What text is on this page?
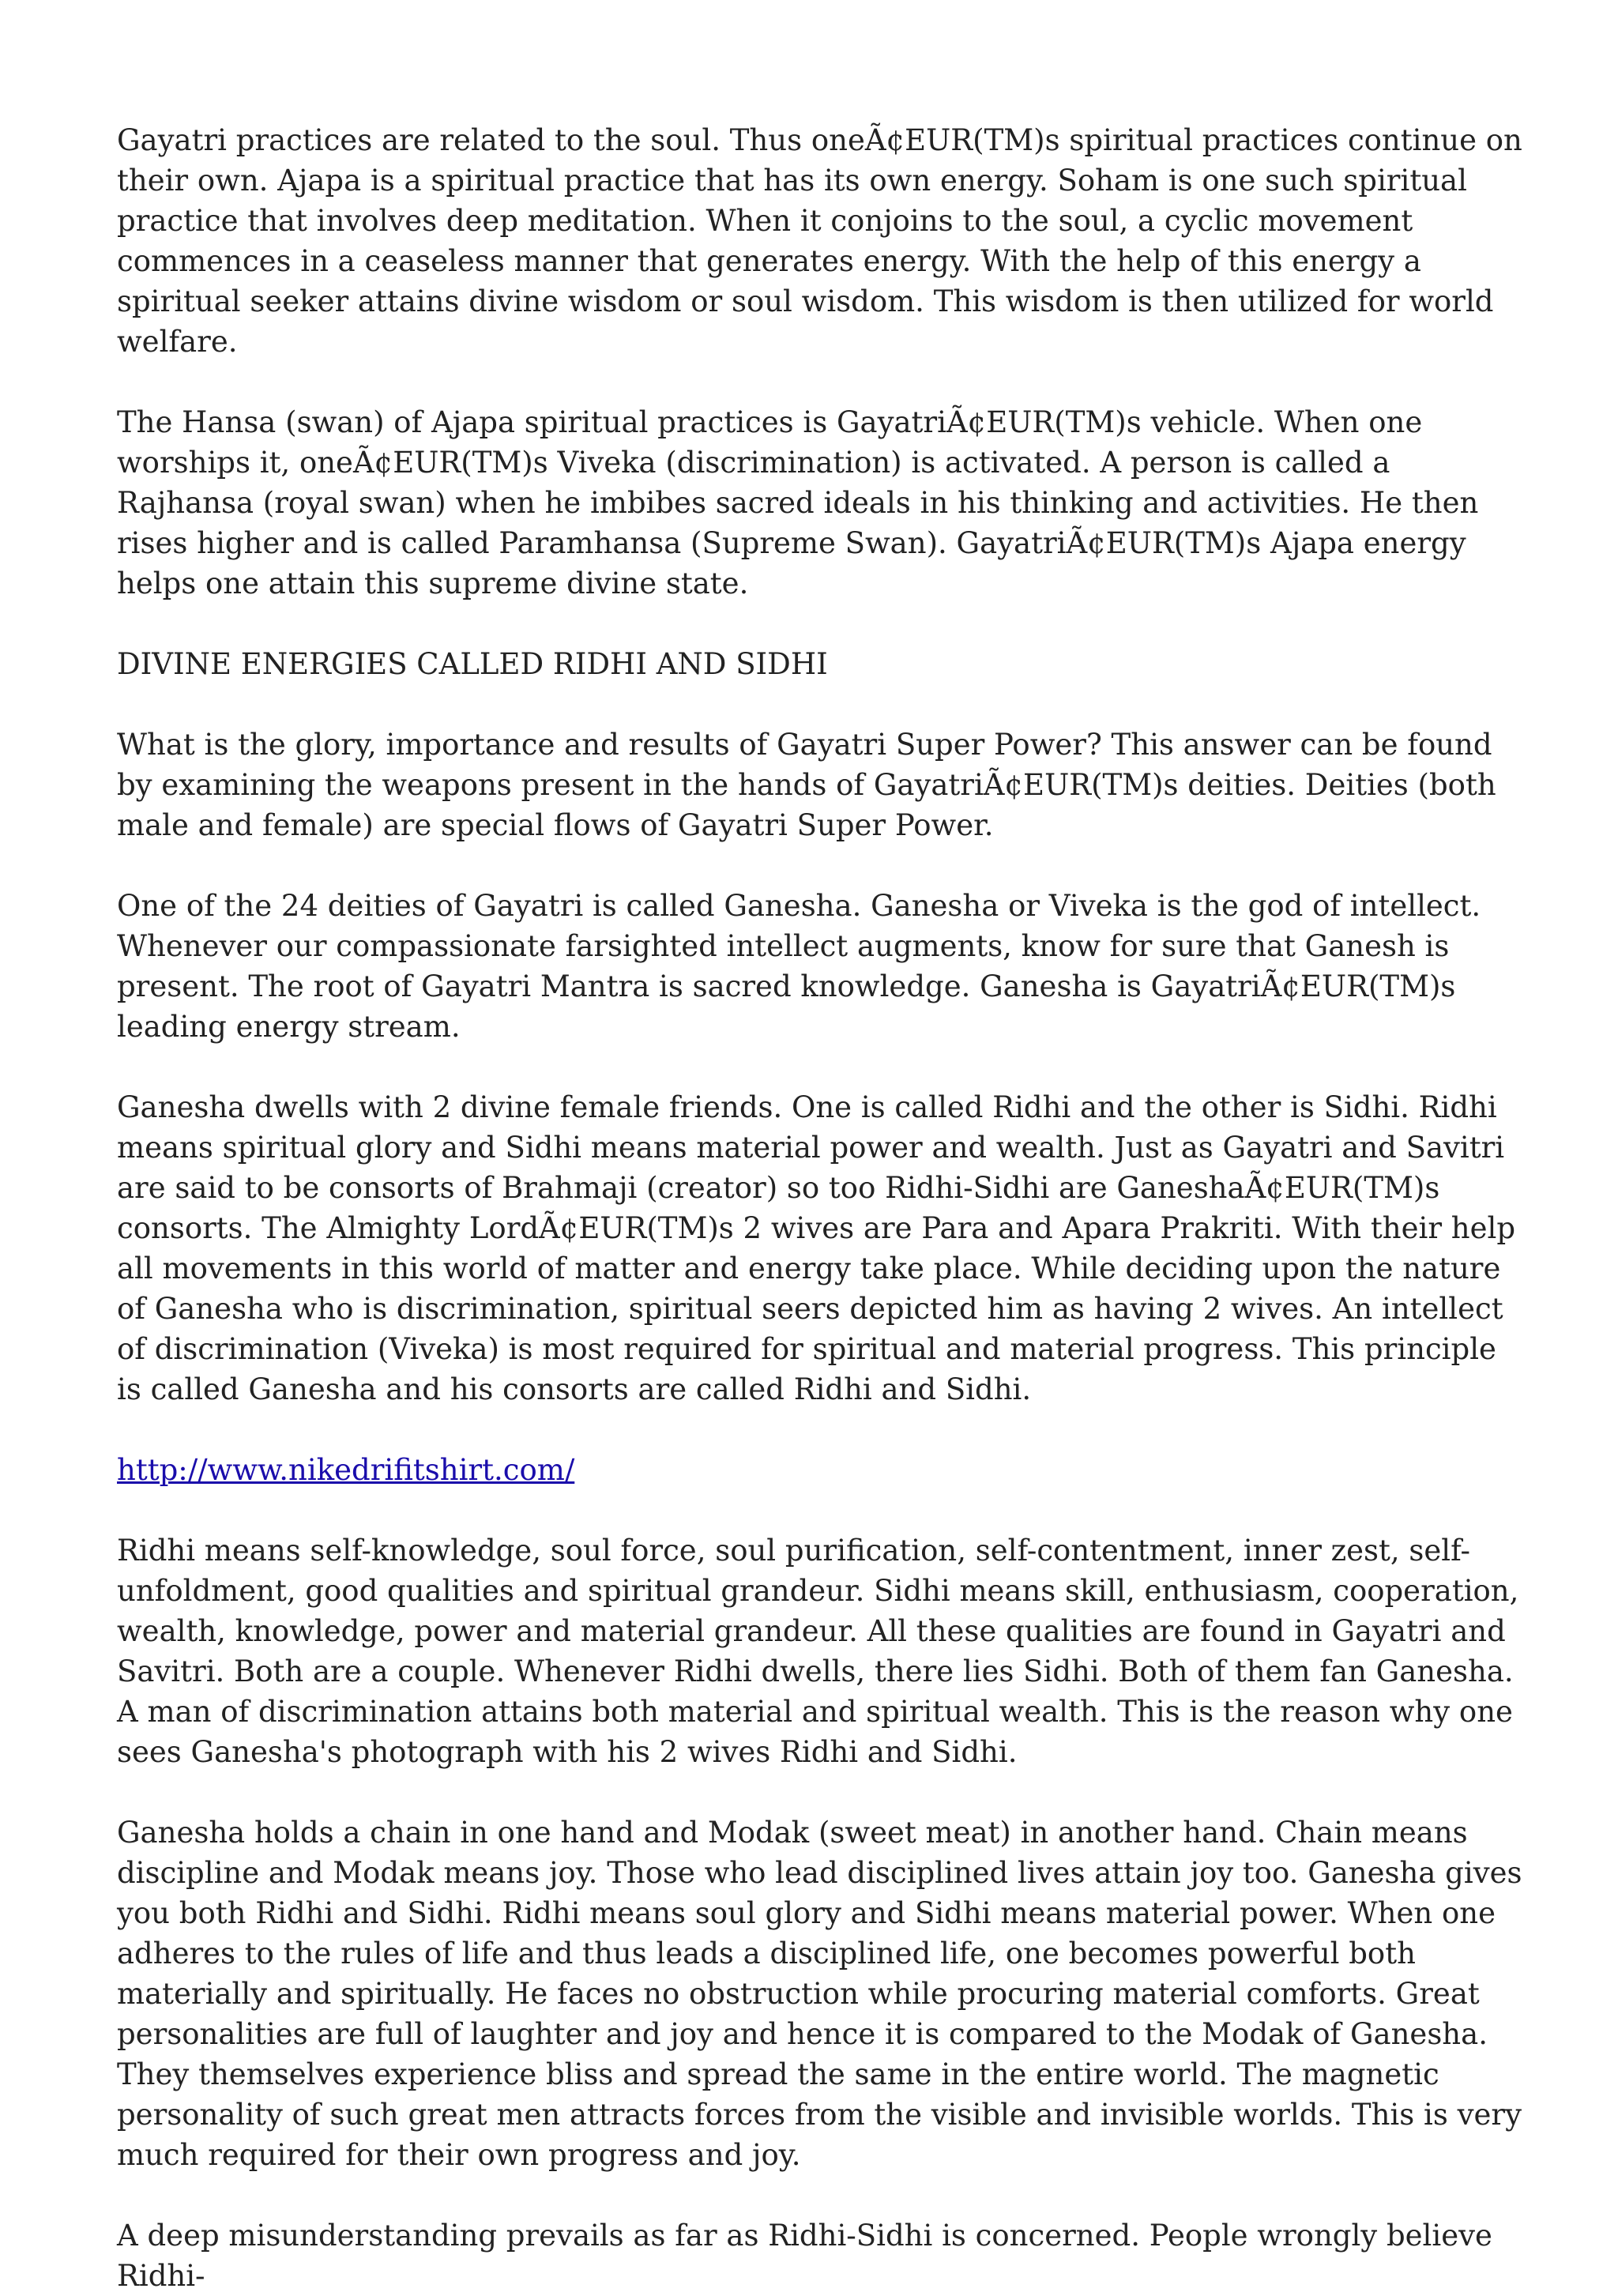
Gayatri practices are related to the soul. Thus oneÃ¢EUR(TM)s spiritual practices continue on their own. Ajapa is a spiritual practice that has its own energy. Soham is one such spiritual practice that involves deep meditation. When it conjoins to the soul, a cyclic movement commences in a ceaseless manner that generates energy. With the help of this energy a spiritual seeker attains divine wisdom or soul wisdom. This wisdom is then utilized for world welfare.

The Hansa (swan) of Ajapa spiritual practices is GayatriÃ¢EUR(TM)s vehicle. When one worships it, oneÃ¢EUR(TM)s Viveka (discrimination) is activated. A person is called a Rajhansa (royal swan) when he imbibes sacred ideals in his thinking and activities. He then rises higher and is called Paramhansa (Supreme Swan). GayatriÃ¢EUR(TM)s Ajapa energy helps one attain this supreme divine state.

DIVINE ENERGIES CALLED RIDHI AND SIDHI

What is the glory, importance and results of Gayatri Super Power? This answer can be found by examining the weapons present in the hands of GayatriÃ¢EUR(TM)s deities. Deities (both male and female) are special flows of Gayatri Super Power.

One of the 24 deities of Gayatri is called Ganesha. Ganesha or Viveka is the god of intellect. Whenever our compassionate farsighted intellect augments, know for sure that Ganesh is present. The root of Gayatri Mantra is sacred knowledge. Ganesha is GayatriÃ¢EUR(TM)s leading energy stream.

Ganesha dwells with 2 divine female friends. One is called Ridhi and the other is Sidhi. Ridhi means spiritual glory and Sidhi means material power and wealth. Just as Gayatri and Savitri are said to be consorts of Brahmaji (creator) so too Ridhi-Sidhi are GaneshaÃ¢EUR(TM)s consorts. The Almighty LordÃ¢EUR(TM)s 2 wives are Para and Apara Prakriti. With their help all movements in this world of matter and energy take place. While deciding upon the nature of Ganesha who is discrimination, spiritual seers depicted him as having 2 wives. An intellect of discrimination (Viveka) is most required for spiritual and material progress. This principle is called Ganesha and his consorts are called Ridhi and Sidhi.

http://www.nikedrifitshirt.com/

Ridhi means self-knowledge, soul force, soul purification, self-contentment, inner zest, self-unfoldment, good qualities and spiritual grandeur. Sidhi means skill, enthusiasm, cooperation, wealth, knowledge, power and material grandeur. All these qualities are found in Gayatri and Savitri. Both are a couple. Whenever Ridhi dwells, there lies Sidhi. Both of them fan Ganesha. A man of discrimination attains both material and spiritual wealth. This is the reason why one sees Ganesha's photograph with his 2 wives Ridhi and Sidhi.

Ganesha holds a chain in one hand and Modak (sweet meat) in another hand. Chain means discipline and Modak means joy. Those who lead disciplined lives attain joy too. Ganesha gives you both Ridhi and Sidhi. Ridhi means soul glory and Sidhi means material power. When one adheres to the rules of life and thus leads a disciplined life, one becomes powerful both materially and spiritually. He faces no obstruction while procuring material comforts. Great personalities are full of laughter and joy and hence it is compared to the Modak of Ganesha. They themselves experience bliss and spread the same in the entire world. The magnetic personality of such great men attracts forces from the visible and invisible worlds. This is very much required for their own progress and joy.

A deep misunderstanding prevails as far as Ridhi-Sidhi is concerned. People wrongly believe Ridhi-
